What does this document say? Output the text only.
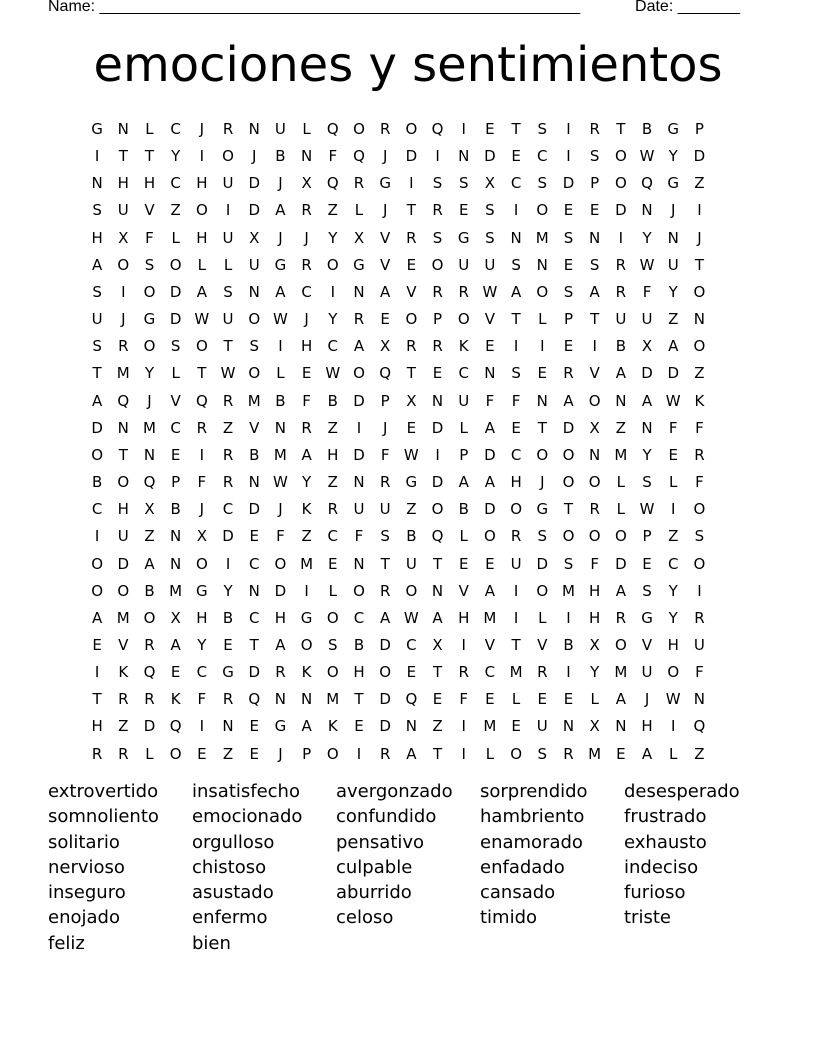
Name: ______________________________________________________	Date: _______
emociones y sentimientos
G N	L	C	J	R	N	U	L	Q O	R	O Q	I	E	T	S	I	R	T	B	G	P
I	T	T	Y	I	O	J	B	N	F	Q	J	D	I	N D	E	C	I	S	O W Y	D
N H H	C	H	U D	J	X	Q	R	G	I	S	S	X	C	S	D	P	O Q G	Z
S	U	V	Z	O	I	D	A	R	Z	L	J	T	R	E	S	I	O	E	E	D N	J	I
H	X	F	L	H	U	X	J	J	Y	X	V	R	S	G	S	N M S	N	I	Y	N	J
A	O	S	O	L	L	U G	R	O G	V	E	O U	U	S	N	E	S	R W U	T
S	I	O D	A	S	N	A	C	I	N	A	V	R	R W A	O	S	A	R	F	Y	O
U	J	G D W U O W	J	Y	R	E	O	P	O	V	T	L	P	T	U	U	Z	N
S	R	O	S	O	T	S	I	H	C	A	X	R	R	K	E	I	I	E	I	B	X	A	O
T	M	Y	L	T W O	L	E W O Q	T	E	C	N	S	E	R	V	A	D D	Z
A	Q	J	V	Q	R M B	F	B	D	P	X	N	U	F	F	N	A	O N	A W K
D N M C	R	Z	V	N	R	Z	I	J	E	D	L	A	E	T	D	X	Z	N	F	F
O	T	N	E	I	R	B M A	H D	F W	I	P	D	C	O O N M	Y	E	R
B	O Q	P	F	R	N W Y	Z	N	R	G D	A	A	H	J	O O	L	S	L	F
C	H	X	B	J	C	D	J	K	R	U	U	Z	O	B	D O G	T	R	L W	I	O
I	U	Z	N	X	D	E	F	Z	C	F	S	B	Q	L	O	R	S	O O O	P	Z	S
O D	A	N O	I	C	O M E	N	T	U	T	E	E	U D	S	F	D	E	C	O
O O	B M G	Y	N D	I	L	O	R	O N	V	A	I	O M H	A	S	Y	I
A M O	X	H	B	C	H G O	C	A W A	H M	I	L	I	H	R	G	Y	R
E	V	R	A	Y	E	T	A	O	S	B	D	C	X	I	V	T	V	B	X	O	V	H	U
I	K	Q	E	C	G D	R	K	O H O	E	T	R	C M R	I	Y	M U O	F
T	R	R	K	F	R	Q N N M	T	D Q	E	F	E	L	E	E	L	A	J	W N
H	Z	D Q	I	N	E	G	A	K	E	D N	Z	I	M E	U	N	X	N H	I	Q
R	R	L	O	E	Z	E	J	P	O	I	R	A	T	I	L	O	S	R M E	A	L	Z
extrovertido	insatisfecho	avergonzado	sorprendido	desesperado
somnoliento	emocionado	confundido	hambriento	frustrado
solitario	orgulloso	pensativo	enamorado	exhausto
nervioso	chistoso	culpable	enfadado	indeciso
inseguro	asustado	aburrido	cansado	furioso
enojado	enfermo	celoso	timido	triste
feliz	bien
